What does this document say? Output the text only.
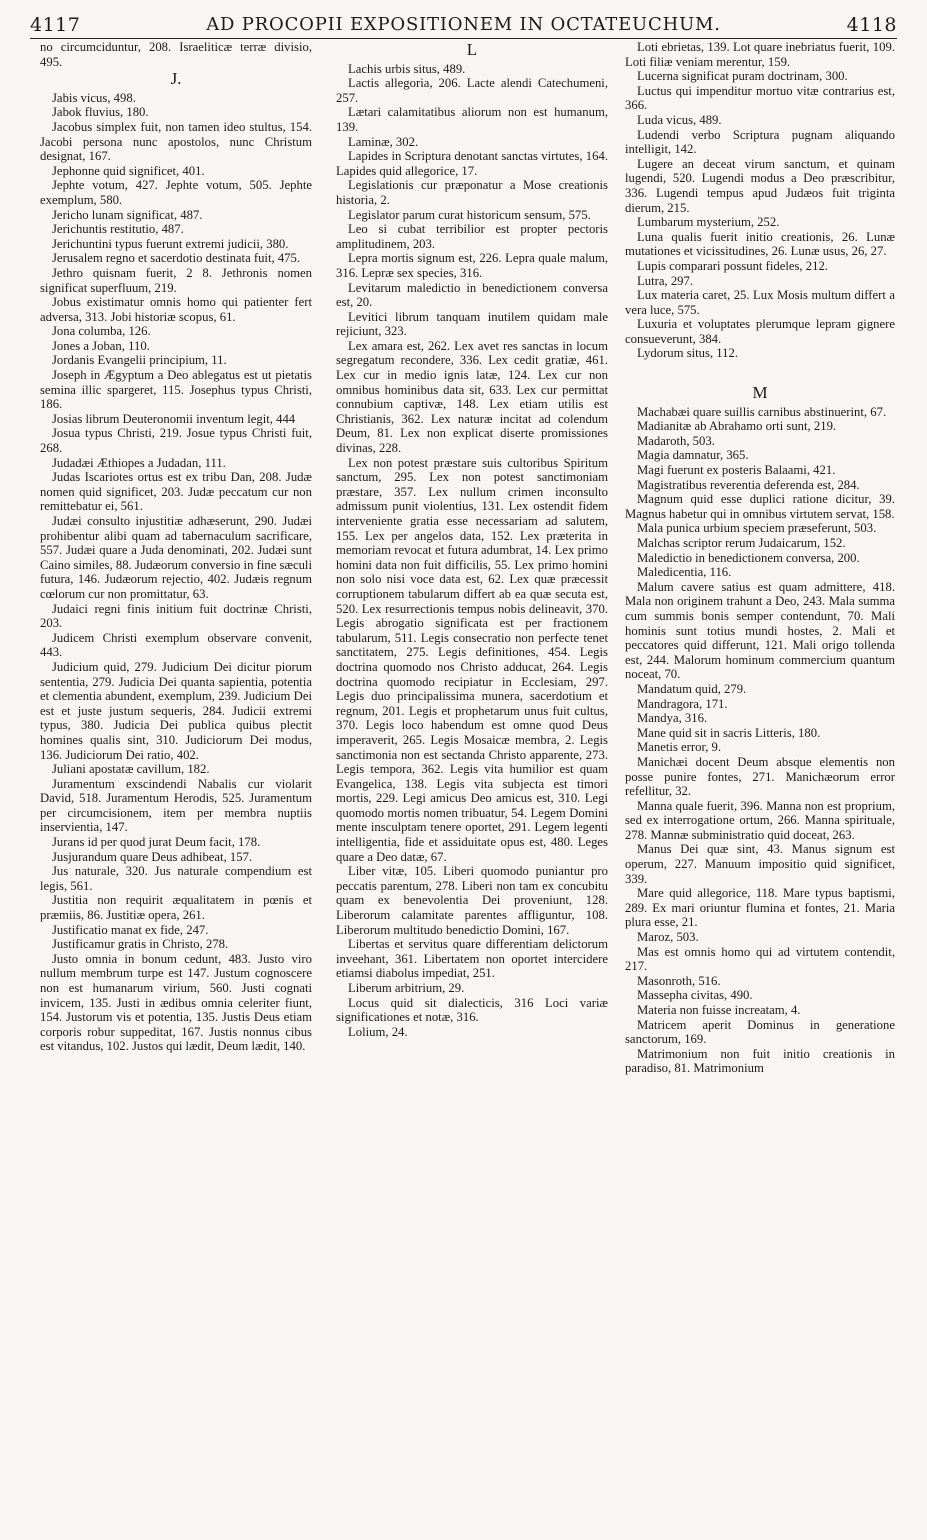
4117	AD PROCOPII EXPOSITIONEM IN OCTATEUCHUM.	4118

no circumciduntur, 208. Israeliticæ terræ divisio, 495.

J.

Jabis vicus, 498.

Jabok fluvius, 180.

Jacobus simplex fuit, non tamen ideo stultus, 154. Jacobi persona nunc apostolos, nunc Christum designat, 167.

Jephonne quid significet, 401.

Jephte votum, 427. Jephte votum, 505. Jephte exemplum, 580.

Jericho lunam significat, 487.

Jerichuntis restitutio, 487.

Jerichuntini typus fuerunt extremi judicii, 380.

Jerusalem regno et sacerdotio destinata fuit, 475.

Jethro quisnam fuerit, 2 8. Jethronis nomen significat superfluum, 219.

Jobus existimatur omnis homo qui patienter fert adversa, 313. Jobi historiæ scopus, 61.

Jona columba, 126.

Jones a Joban, 110.

Jordanis Evangelii principium, 11.

Joseph in Ægyptum a Deo ablegatus est ut pietatis semina illic spargeret, 115. Josephus typus Christi, 186.

Josias librum Deuteronomii inventum legit, 444

Josua typus Christi, 219. Josue typus Christi fuit, 268.

Judadæi Æthiopes a Judadan, 111.

Judas Iscariotes ortus est ex tribu Dan, 208. Judæ nomen quid significet, 203. Judæ peccatum cur non remittebatur ei, 561.

Judæi consulto injustitiæ adhæserunt, 290. Judæi prohibentur alibi quam ad tabernaculum sacrificare, 557. Judæi quare a Juda denominati, 202. Judæi sunt Caino similes, 88. Judæorum conversio in fine sæculi futura, 146. Judæorum rejectio, 402. Judæis regnum cœlorum cur non promittatur, 63.

Judaici regni finis initium fuit doctrinæ Christi, 203.

Judicem Christi exemplum observare convenit, 443.

Judicium quid, 279. Judicium Dei dicitur piorum sententia, 279. Judicia Dei quanta sapientia, potentia et clementia abundent, exemplum, 239. Judicium Dei est et juste justum sequeris, 284. Judicii extremi typus, 380. Judicia Dei publica quibus plectit homines qualis sint, 310. Judiciorum Dei modus, 136. Judiciorum Dei ratio, 402.

Juliani apostatæ cavillum, 182.

Juramentum exscindendi Nabalis cur violarit David, 518. Juramentum Herodis, 525. Juramentum per circumcisionem, item per membra nuptiis inservientia, 147.

Jurans id per quod jurat Deum facit, 178.

Jusjurandum quare Deus adhibeat, 157.

Jus naturale, 320. Jus naturale compendium est legis, 561.

Justitia non requirit æqualitatem in pœnis et præmiis, 86. Justitiæ opera, 261.

Justificatio manat ex fide, 247.

Justificamur gratis in Christo, 278.

Justo omnia in bonum cedunt, 483. Justo viro nullum membrum turpe est 147. Justum cognoscere non est humanarum virium, 560. Justi cognati invicem, 135. Justi in ædibus omnia celeriter fiunt, 154. Justorum vis et potentia, 135. Justis Deus etiam corporis robur suppeditat, 167. Justis nonnus cibus est vitandus, 102. Justos qui lædit, Deum lædit, 140.

L

Lachis urbis situs, 489.

Lactis allegoria, 206. Lacte alendi Catechumeni, 257.

Lætari calamitatibus aliorum non est humanum, 139.

Laminæ, 302.

Lapides in Scriptura denotant sanctas virtutes, 164. Lapides quid allegorice, 17.

Legislationis cur præponatur a Mose creationis historia, 2.

Legislator parum curat historicum sensum, 575.

Leo si cubat terribilior est propter pectoris amplitudinem, 203.

Lepra mortis signum est, 226. Lepra quale malum, 316. Lepræ sex species, 316.

Levitarum maledictio in benedictionem conversa est, 20.

Levitici librum tanquam inutilem quidam male rejiciunt, 323.

Lex amara est, 262. Lex avet res sanctas in locum segregatum recondere, 336. Lex cedit gratiæ, 461. Lex cur in medio ignis latæ, 124. Lex cur non omnibus hominibus data sit, 633. Lex cur permittat connubium captivæ, 148. Lex etiam utilis est Christianis, 362. Lex naturæ incitat ad colendum Deum, 81. Lex non explicat diserte promissiones divinas, 228.

Lex non potest præstare suis cultoribus Spiritum sanctum, 295. Lex non potest sanctimoniam præstare, 357. Lex nullum crimen inconsulto admissum punit violentius, 131. Lex ostendit fidem interveniente gratia esse necessariam ad salutem, 155. Lex per angelos data, 152. Lex præterita in memoriam revocat et futura adumbrat, 14. Lex primo homini data non fuit difficilis, 55. Lex primo homini non solo nisi voce data est, 62. Lex quæ præcessit corruptionem tabularum differt ab ea quæ secuta est, 520. Lex resurrectionis tempus nobis delineavit, 370. Legis abrogatio significata est per fractionem tabularum, 511. Legis consecratio non perfecte tenet sanctitatem, 275. Legis definitiones, 454. Legis doctrina quomodo nos Christo adducat, 264. Legis doctrina quomodo recipiatur in Ecclesiam, 297. Legis duo principalissima munera, sacerdotium et regnum, 201. Legis et prophetarum unus fuit cultus, 370. Legis loco habendum est omne quod Deus imperaverit, 265. Legis Mosaicæ membra, 2. Legis sanctimonia non est sectanda Christo apparente, 273. Legis tempora, 362. Legis vita humilior est quam Evangelica, 138. Legis vita subjecta est timori mortis, 229. Legi amicus Deo amicus est, 310. Legi quomodo mortis nomen tribuatur, 54. Legem Domini mente insculptam tenere oportet, 291. Legem legenti intelligentia, fide et assiduitate opus est, 480. Leges quare a Deo datæ, 67.

Liber vitæ, 105. Liberi quomodo puniantur pro peccatis parentum, 278. Liberi non tam ex concubitu quam ex benevolentia Dei proveniunt, 128. Liberorum calamitate parentes affliguntur, 108. Liberorum multitudo benedictio Domini, 167.

Libertas et servitus quare differentiam delictorum inveehant, 361. Libertatem non oportet intercidere etiamsi diabolus impediat, 251.

Liberum arbitrium, 29.

Locus quid sit dialecticis, 316 Loci variæ significationes et notæ, 316.

Lolium, 24.

Loti ebrietas, 139. Lot quare inebriatus fuerit, 109. Loti filiæ veniam merentur, 159.

Lucerna significat puram doctrinam, 300.

Luctus qui impenditur mortuo vitæ contrarius est, 366.

Luda vicus, 489.

Ludendi verbo Scriptura pugnam aliquando intelligit, 142.

Lugere an deceat virum sanctum, et quinam lugendi, 520. Lugendi modus a Deo præscribitur, 336. Lugendi tempus apud Judæos fuit triginta dierum, 215.

Lumbarum mysterium, 252.

Luna qualis fuerit initio creationis, 26. Lunæ mutationes et vicissitudines, 26. Lunæ usus, 26, 27.

Lupis comparari possunt fideles, 212.

Lutra, 297.

Lux materia caret, 25. Lux Mosis multum differt a vera luce, 575.

Luxuria et voluptates plerumque lepram gignere consueverunt, 384.

Lydorum situs, 112.

M

Machabæi quare suillis carnibus abstinuerint, 67.

Madianitæ ab Abrahamo orti sunt, 219.

Madaroth, 503.

Magia damnatur, 365.

Magi fuerunt ex posteris Balaami, 421.

Magistratibus reverentia deferenda est, 284.

Magnum quid esse duplici ratione dicitur, 39. Magnus habetur qui in omnibus virtutem servat, 158.

Mala punica urbium speciem præseferunt, 503.

Malchas scriptor rerum Judaicarum, 152.

Maledictio in benedictionem conversa, 200.

Maledicentia, 116.

Malum cavere satius est quam admittere, 418. Mala non originem trahunt a Deo, 243. Mala summa cum summis bonis semper contendunt, 70. Mali hominis sunt totius mundi hostes, 2. Mali et peccatores quid differunt, 121. Mali origo tollenda est, 244. Malorum hominum commercium quantum noceat, 70.

Mandatum quid, 279.

Mandragora, 171.

Mandya, 316.

Mane quid sit in sacris Litteris, 180.

Manetis error, 9.

Manichæi docent Deum absque elementis non posse punire fontes, 271. Manichæorum error refellitur, 32.

Manna quale fuerit, 396. Manna non est proprium, sed ex interrogatione ortum, 266. Manna spirituale, 278. Mannæ subministratio quid doceat, 263.

Manus Dei quæ sint, 43. Manus signum est operum, 227. Manuum impositio quid significet, 339.

Mare quid allegorice, 118. Mare typus baptismi, 289. Ex mari oriuntur flumina et fontes, 21. Maria plura esse, 21.

Maroz, 503.

Mas est omnis homo qui ad virtutem contendit, 217.

Masonroth, 516.

Massepha civitas, 490.

Materia non fuisse increatam, 4.

Matricem aperit Dominus in generatione sanctorum, 169.

Matrimonium non fuit initio creationis in paradiso, 81. Matrimonium
